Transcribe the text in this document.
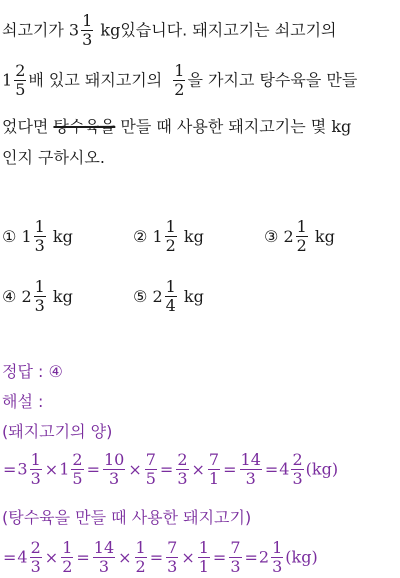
쇠고기가 $3 \frac{1}{3}$ kg있습니다. 돼지고기는 쇠고기의
$1 \frac{2}{5}$ 배 있고 돼지고기의 $\frac{1}{2}$ 을 가지고 탕수육을 만들
었다면 탕수육을 만들 때 사용한 돼지고기는 몇 kg
인지 구하시오.
① $1 \frac{1}{3}$ kg	② $1 \frac{1}{2}$ kg	③ $2 \frac{1}{2}$ kg
④ $2 \frac{1}{3}$ kg	⑤ $2 \frac{1}{4}$ kg
정답 : ④
해설 :
(돼지고기의 양)
$=3 \frac{1}{3} \times 1 \frac{2}{5} = \frac{10}{3} \times \frac{7}{5} = \frac{2}{3} \times \frac{7}{1} = \frac{14}{3} =4 \frac{2}{3} (kg)$
(탕수육을 만들 때 사용한 돼지고기)
$=4 \frac{2}{3} \times \frac{1}{2} = \frac{14}{3} \times \frac{1}{2} = \frac{7}{3} \times \frac{1}{1} = \frac{7}{3} =2 \frac{1}{3} (kg)$
